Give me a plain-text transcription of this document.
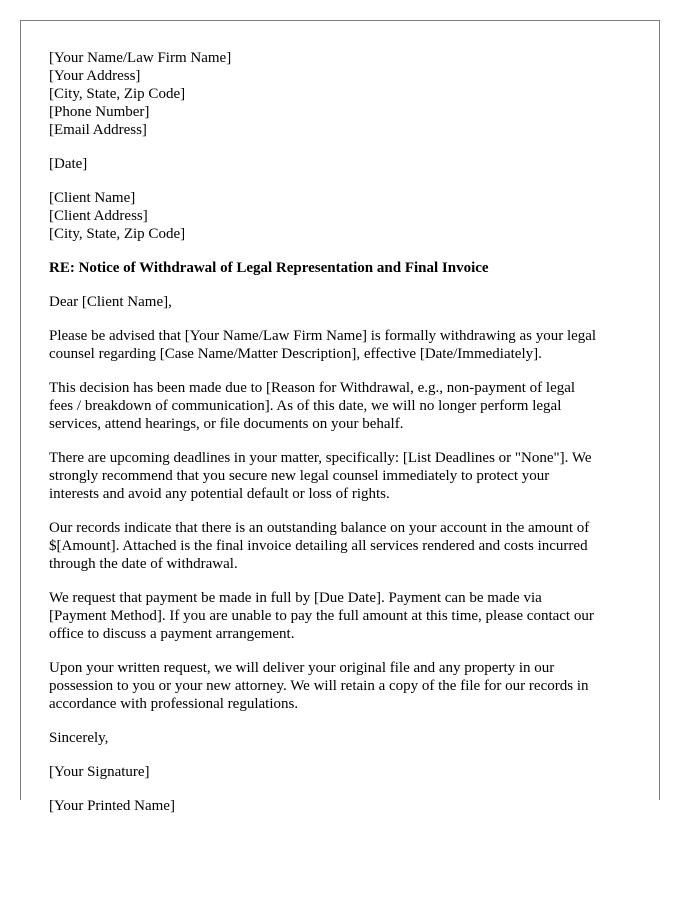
[Your Name/Law Firm Name]
[Your Address]
[City, State, Zip Code]
[Phone Number]
[Email Address]
[Date]
[Client Name]
[Client Address]
[City, State, Zip Code]
RE: Notice of Withdrawal of Legal Representation and Final Invoice
Dear [Client Name],
Please be advised that [Your Name/Law Firm Name] is formally withdrawing as your legal
counsel regarding [Case Name/Matter Description], effective [Date/Immediately].
This decision has been made due to [Reason for Withdrawal, e.g., non-payment of legal
fees / breakdown of communication]. As of this date, we will no longer perform legal
services, attend hearings, or file documents on your behalf.
There are upcoming deadlines in your matter, specifically: [List Deadlines or "None"]. We
strongly recommend that you secure new legal counsel immediately to protect your
interests and avoid any potential default or loss of rights.
Our records indicate that there is an outstanding balance on your account in the amount of
$[Amount]. Attached is the final invoice detailing all services rendered and costs incurred
through the date of withdrawal.
We request that payment be made in full by [Due Date]. Payment can be made via
[Payment Method]. If you are unable to pay the full amount at this time, please contact our
office to discuss a payment arrangement.
Upon your written request, we will deliver your original file and any property in our
possession to you or your new attorney. We will retain a copy of the file for our records in
accordance with professional regulations.
Sincerely,
[Your Signature]
[Your Printed Name]
